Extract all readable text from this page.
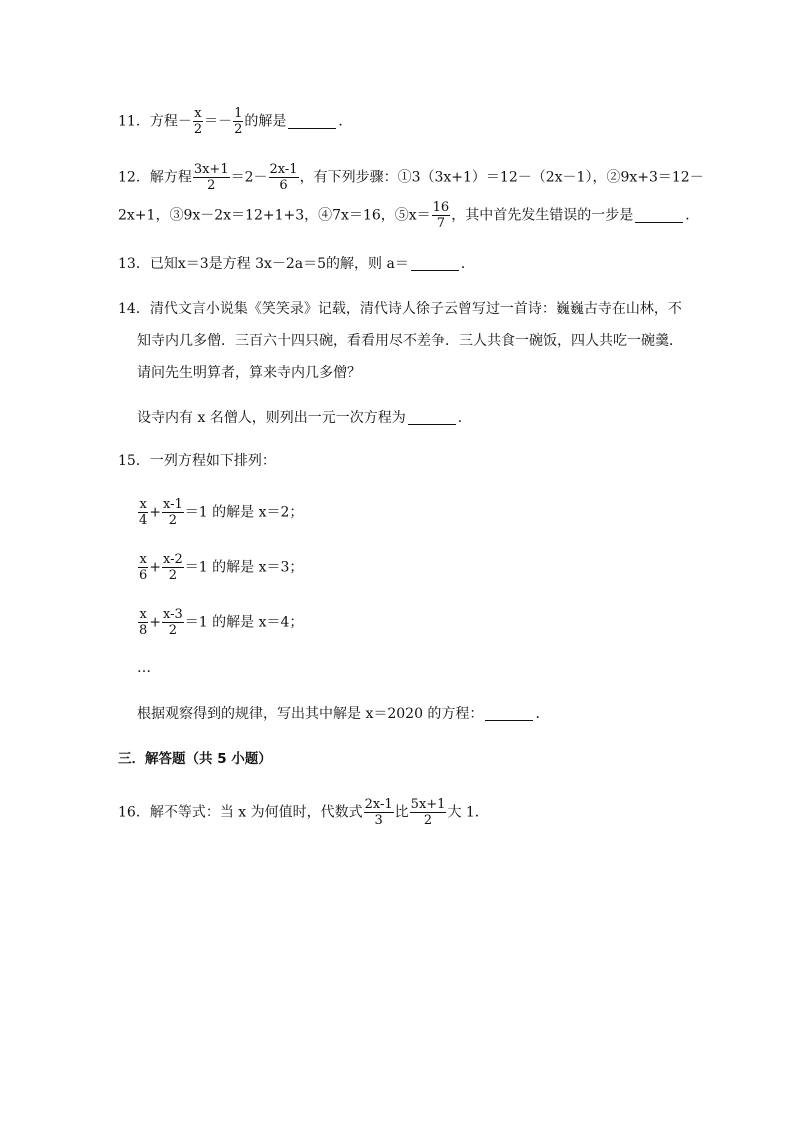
11．方程－ $\frac{x}{2} =- \frac{1}{2}$ 的解是	．
12．解方程 $\frac{3x+1}{2} =2- \frac{2x-1}{6}$ ，有下列步骤：①3（3x+1）＝12－（2x－1），②9x+3＝12－
2x+1，③9x－2x＝12+1+3，④7x＝16，⑤x＝ $\frac{16}{7}$ ，其中首先发生错误的一步是	．
13．已知x＝3是方程 3x－2a＝5的解，则 a＝	．
14．清代文言小说集《笑笑录》记载，清代诗人徐子云曾写过一首诗：巍巍古寺在山林，不
知寺内几多僧．三百六十四只碗，看看用尽不差争．三人共食一碗饭，四人共吃一碗羹．
请问先生明算者，算来寺内几多僧？
设寺内有 x 名僧人，则列出一元一次方程为	．
15．一列方程如下排列：
$\frac{x}{4} + \frac{x-1}{2} =1$ 的解是 x＝2；
$\frac{x}{6} + \frac{x-2}{2} =1$ 的解是 x＝3；
$\frac{x}{8} + \frac{x-3}{2} =1$ 的解是 x＝4；
…
根据观察得到的规律，写出其中解是 x＝2020 的方程：	．
三．解答题（共 5 小题）
16．解不等式：当 x 为何值时，代数式 $\frac{2x-1}{3}$ 比 $\frac{5x+1}{2}$ 大 1．
